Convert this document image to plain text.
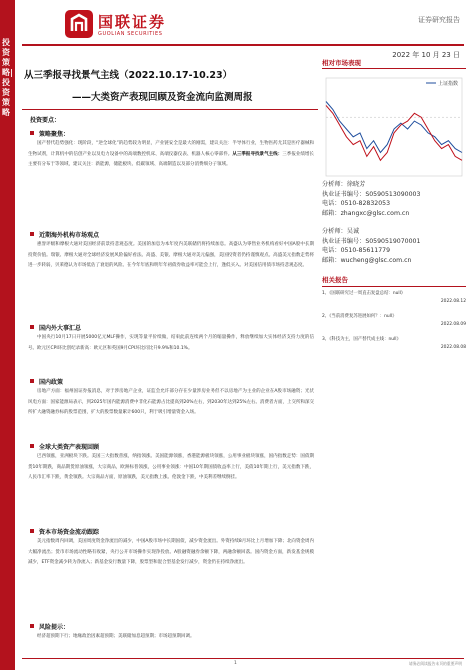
投资策略|投资策略
国联证券
GUOLIAN SECURITIES
证券研究报告
2022 年 10 月 23 日
从三季报寻找景气主线（2022.10.17-10.23）
——大类资产表现回顾及资金流向监测周报
投资要点：
策略聚焦：
国产替代趋势强化：现阶段，“逆全球化”的趋势较为明显，产业链安全是最大的刚需，建议关注：半导体行业，生物医药尤其是医疗器械和生物试剂，计算机中的信创产业以及电力设备中的高端数控机床、高端仪器仪表、机器人核心零部件。从三季报寻找景气主线：三季报业绩增长主要有分布于等领域，建议关注：新能源，储能板块、低碳领域、高端制造以及部分消费细分子领域。
近期海外机构市场观点
惠誉评级和摩根大通对美国经济前景持悲观态度。美国的加息为本年度内美联储仍将持续加息。高盛认为零售业务机构看好中国A股中长期投资价值。瑞银、摩根大通对全球经济发展风险偏好看法。高盛、美银、摩根大通对美元偏强，美国投资者仍持谨慎观点。高盛美元指数走势将进一步转弱，贝莱德认为市场低估了衰退的风险。在今年年底和明年年初债券收益率可能会上行，逢低买入。对美国信用债市场持悲观态度。
国内外大事汇总
中国央行10月17日开展5000亿元MLF操作，实现等量平价续做，结束此前连续两个月的缩量操作，释放继续加大实体经济支持力度的信号。欧元区CPI环比创纪录新高：欧元区和英国9月CPI环比同比升9.9%和10.1%。
国内政策
房地产方面：福州国证券报消息，对于涉房地产企业，证监会允许部分存在少量涉房业务但不以房地产为主业的企业在A股市场融资；光伏风电方面：国家能源局表示，到2025年国内能源消费中非化石能源占比提高到20%左右，到2030年达到25%左右。消费者方面，上交所和深交所扩大融资融券标的股票范围，扩大的股票数量累计600只，利于吸引增量资金入场。
全球大类资产表现回顾
巴西领涨，亚洲板块下跌。美国三大指数普涨，纳指领涨。美国能源领涨，香港能源板块领涨，公用事业板块领涨，国内指数走势：国债期货10年期跌，商品期货原油领涨，大宗商品，欧洲标普领涨，公用事业领涨：中国10年期国债收益率上行，美债10年期上行，美元指数下跌，人民币汇率下跌，黄金领跌。大宗商品方面，原油领跌，美元指数上涨。伦敦金下跌，中美利差继续倒挂。
资本市场资金流动跟踪
美元指数周内回调，美国周度资金净流出的减少，中国A股市场中长期国债，减少资金流出。外资持续8月环比上月增加下降；北向资金周内大幅净流出；货币市场流动性略有收紧，央行公开市场操作实现净投放。A股融资融券余额下降，两融余额回落。国内资金方面，新发基金规模减少，ETF资金减少转为净流入；新基金发行数量下降，股票型和混合型基金发行减少，资金仍在持续净流出。
风险提示：
经济超预期下行；地缘政治因素超预期；美联储加息超预期；市场超预期回调。
相对市场表现
上证指数
分析师：徐晓芳
执业证书编号：S0590513090003
电话：0510-82832053
邮箱：zhangxc@glsc.com.cn
分析师：吴诚
执业证书编号：S0590519070001
电话：0510-85611779
邮箱：wucheng@glsc.com.cn
相关报告
1、《国联研究过一周直击复盘总结：null》
2022.08.12
2、《当前消费复苏进展如何？：null》
2022.08.09
3、《科技为主，国产替代成主线：null》
2022.08.08
1	请务必阅读报告末页的重要声明
